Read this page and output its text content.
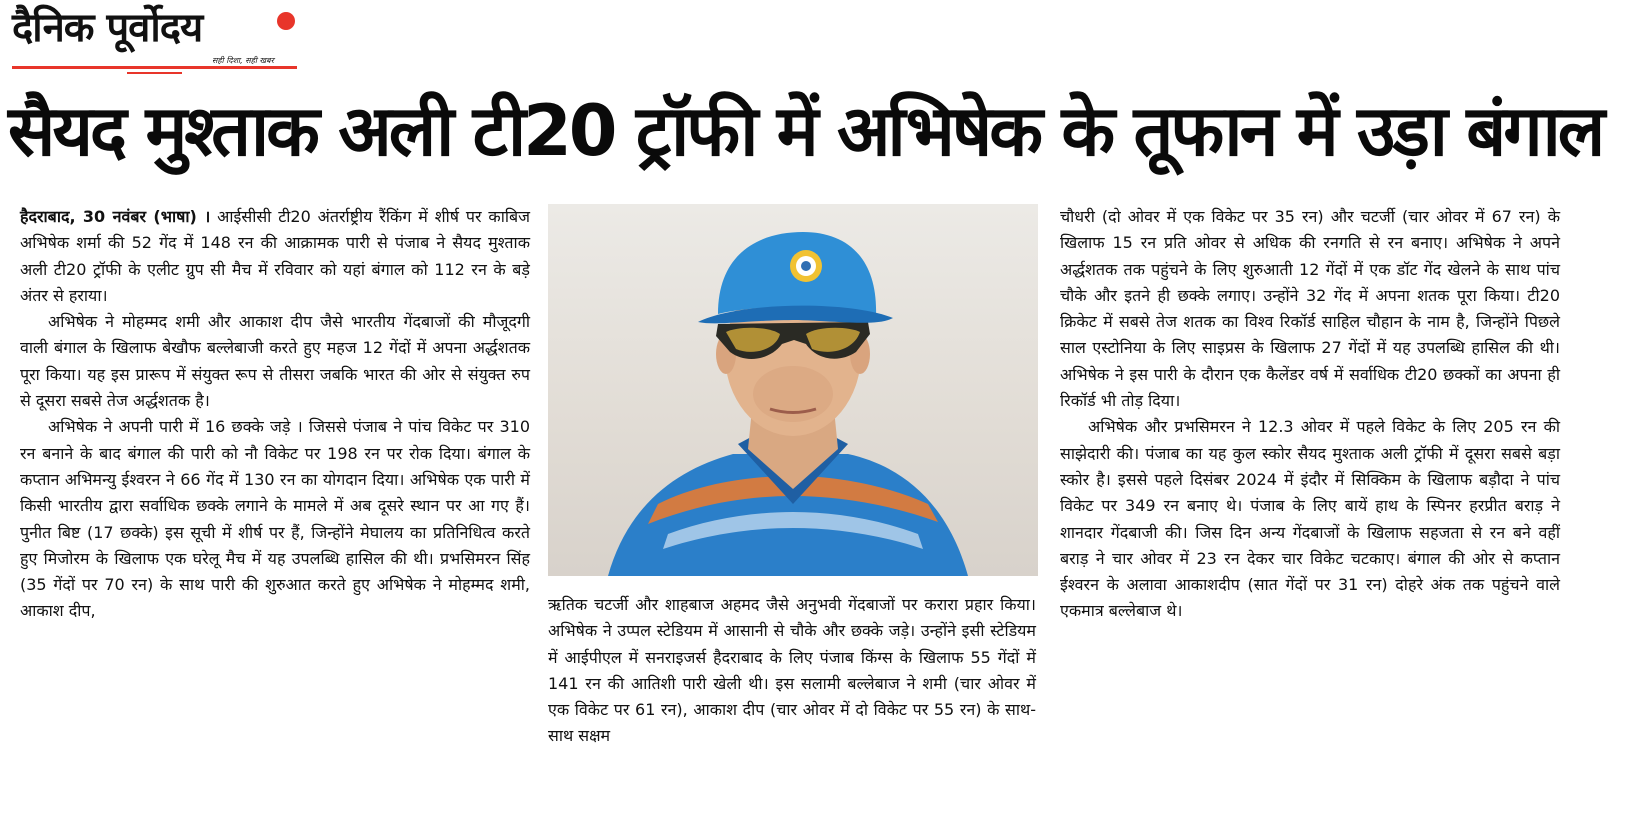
दैनिक पूर्वोदय
सही दिशा, सही खबर
सैयद मुश्ताक अली टी20 ट्रॉफी में अभिषेक के तूफान में उड़ा बंगाल

हैदराबाद, 30 नवंबर (भाषा) । आईसीसी टी20 अंतर्राष्ट्रीय रैंकिंग में शीर्ष पर काबिज अभिषेक शर्मा की 52 गेंद में 148 रन की आक्रामक पारी से पंजाब ने सैयद मुश्ताक अली टी20 ट्रॉफी के एलीट ग्रुप सी मैच में रविवार को यहां बंगाल को 112 रन के बड़े अंतर से हराया।

अभिषेक ने मोहम्मद शमी और आकाश दीप जैसे भारतीय गेंदबाजों की मौजूदगी वाली बंगाल के खिलाफ बेखौफ बल्लेबाजी करते हुए महज 12 गेंदों में अपना अर्द्धशतक पूरा किया। यह इस प्रारूप में संयुक्त रूप से तीसरा जबकि भारत की ओर से संयुक्त रुप से दूसरा सबसे तेज अर्द्धशतक है।

अभिषेक ने अपनी पारी में 16 छक्के जड़े । जिससे पंजाब ने पांच विकेट पर 310 रन बनाने के बाद बंगाल की पारी को नौ विकेट पर 198 रन पर रोक दिया। बंगाल के कप्तान अभिमन्यु ईश्वरन ने 66 गेंद में 130 रन का योगदान दिया। अभिषेक एक पारी में किसी भारतीय द्वारा सर्वाधिक छक्के लगाने के मामले में अब दूसरे स्थान पर आ गए हैं। पुनीत बिष्ट (17 छक्के) इस सूची में शीर्ष पर हैं, जिन्होंने मेघालय का प्रतिनिधित्व करते हुए मिजोरम के खिलाफ एक घरेलू मैच में यह उपलब्धि हासिल की थी। प्रभसिमरन सिंह (35 गेंदों पर 70 रन) के साथ पारी की शुरुआत करते हुए अभिषेक ने मोहम्मद शमी, आकाश दीप,	ऋतिक चटर्जी और शाहबाज अहमद जैसे अनुभवी गेंदबाजों पर करारा प्रहार किया। अभिषेक ने उप्पल स्टेडियम में आसानी से चौके और छक्के जड़े। उन्होंने इसी स्टेडियम में आईपीएल में सनराइजर्स हैदराबाद के लिए पंजाब किंग्स के खिलाफ 55 गेंदों में 141 रन की आतिशी पारी खेली थी। इस सलामी बल्लेबाज ने शमी (चार ओवर में एक विकेट पर 61 रन), आकाश दीप (चार ओवर में दो विकेट पर 55 रन) के साथ-साथ सक्षम

चौधरी (दो ओवर में एक विकेट पर 35 रन) और चटर्जी (चार ओवर में 67 रन) के खिलाफ 15 रन प्रति ओवर से अधिक की रनगति से रन बनाए। अभिषेक ने अपने अर्द्धशतक तक पहुंचने के लिए शुरुआती 12 गेंदों में एक डॉट गेंद खेलने के साथ पांच चौके और इतने ही छक्के लगाए। उन्होंने 32 गेंद में अपना शतक पूरा किया। टी20 क्रिकेट में सबसे तेज शतक का विश्व रिकॉर्ड साहिल चौहान के नाम है, जिन्होंने पिछले साल एस्टोनिया के लिए साइप्रस के खिलाफ 27 गेंदों में यह उपलब्धि हासिल की थी। अभिषेक ने इस पारी के दौरान एक कैलेंडर वर्ष में सर्वाधिक टी20 छक्कों का अपना ही रिकॉर्ड भी तोड़ दिया।

अभिषेक और प्रभसिमरन ने 12.3 ओवर में पहले विकेट के लिए 205 रन की साझेदारी की। पंजाब का यह कुल स्कोर सैयद मुश्ताक अली ट्रॉफी में दूसरा सबसे बड़ा स्कोर है। इससे पहले दिसंबर 2024 में इंदौर में सिक्किम के खिलाफ बड़ौदा ने पांच विकेट पर 349 रन बनाए थे। पंजाब के लिए बायें हाथ के स्पिनर हरप्रीत बराड़ ने शानदार गेंदबाजी की। जिस दिन अन्य गेंदबाजों के खिलाफ सहजता से रन बने वहीं बराड़ ने चार ओवर में 23 रन देकर चार विकेट चटकाए। बंगाल की ओर से कप्तान ईश्वरन के अलावा आकाशदीप (सात गेंदों पर 31 रन) दोहरे अंक तक पहुंचने वाले एकमात्र बल्लेबाज थे।
